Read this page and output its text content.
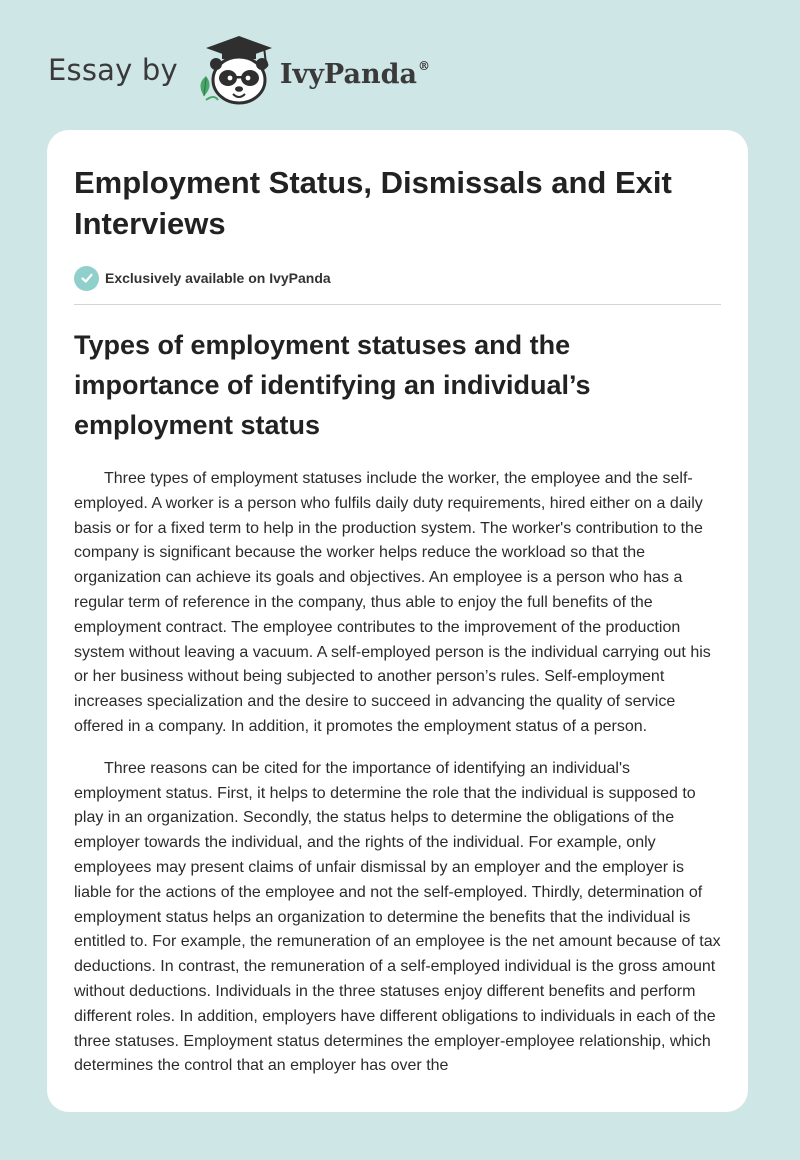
Essay by	IvyPanda®
Employment Status, Dismissals and Exit Interviews
Exclusively available on IvyPanda
Types of employment statuses and the importance of identifying an individual’s employment status

Three types of employment statuses include the worker, the employee and the self-employed. A worker is a person who fulfils daily duty requirements, hired either on a daily basis or for a fixed term to help in the production system. The worker's contribution to the company is significant because the worker helps reduce the workload so that the organization can achieve its goals and objectives. An employee is a person who has a regular term of reference in the company, thus able to enjoy the full benefits of the employment contract. The employee contributes to the improvement of the production system without leaving a vacuum. A self-employed person is the individual carrying out his or her business without being subjected to another person’s rules. Self-employment increases specialization and the desire to succeed in advancing the quality of service offered in a company. In addition, it promotes the employment status of a person.

Three reasons can be cited for the importance of identifying an individual's employment status. First, it helps to determine the role that the individual is supposed to play in an organization. Secondly, the status helps to determine the obligations of the employer towards the individual, and the rights of the individual. For example, only employees may present claims of unfair dismissal by an employer and the employer is liable for the actions of the employee and not the self-employed. Thirdly, determination of employment status helps an organization to determine the benefits that the individual is entitled to. For example, the remuneration of an employee is the net amount because of tax deductions. In contrast, the remuneration of a self-employed individual is the gross amount without deductions. Individuals in the three statuses enjoy different benefits and perform different roles. In addition, employers have different obligations to individuals in each of the three statuses. Employment status determines the employer-employee relationship, which determines the control that an employer has over the
